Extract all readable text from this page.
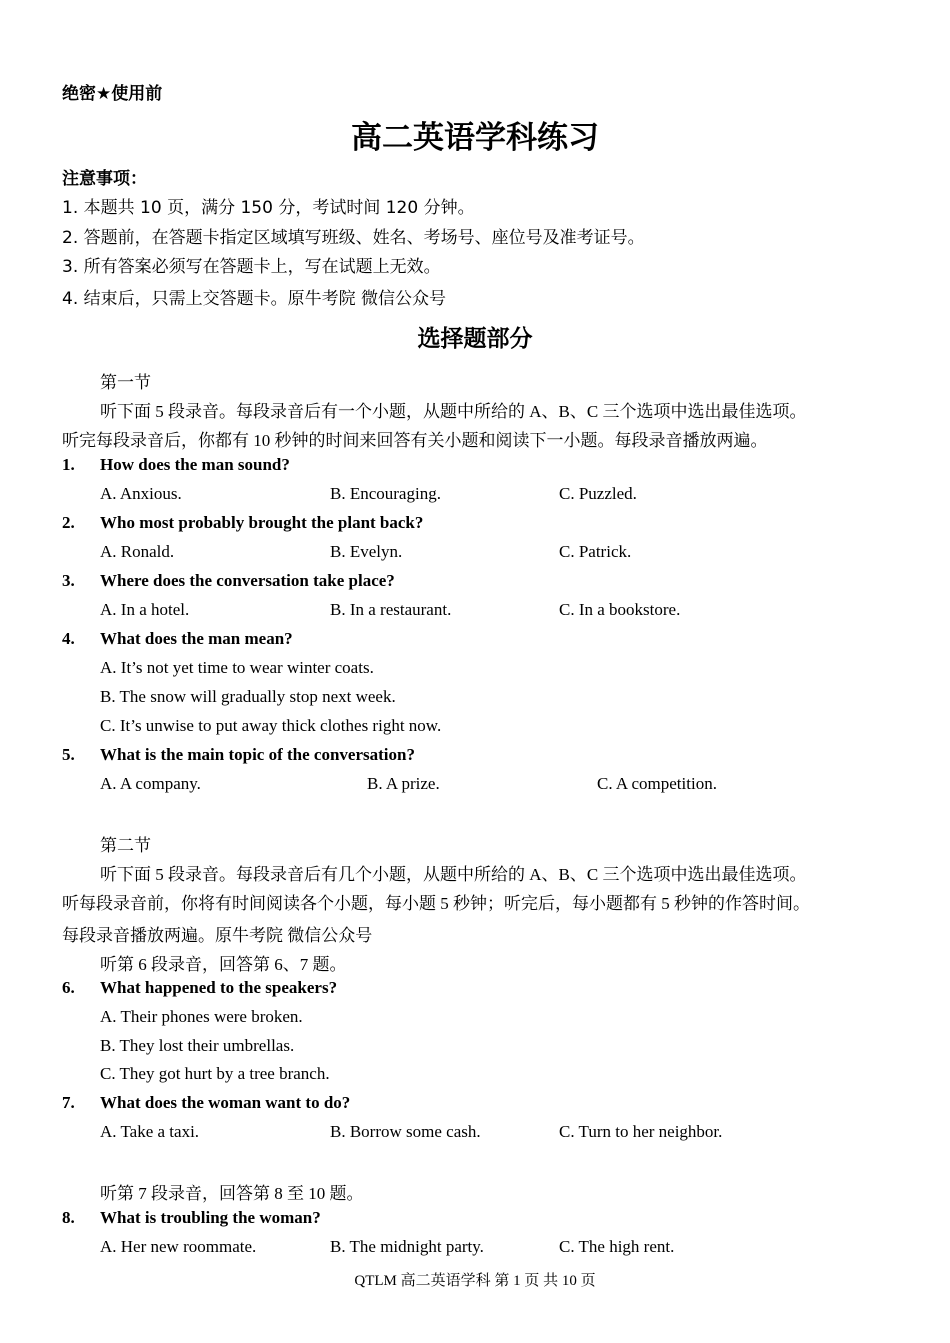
绝密★使用前
高二英语学科练习
注意事项：
1. 本题共 10 页，满分 150 分，考试时间 120 分钟。
2. 答题前，在答题卡指定区域填写班级、姓名、考场号、座位号及准考证号。
3. 所有答案必须写在答题卡上，写在试题上无效。
4. 结束后，只需上交答题卡。原牛考院 微信公众号
选择题部分
第一节
听下面 5 段录音。每段录音后有一个小题，从题中所给的 A、B、C 三个选项中选出最佳选项。
听完每段录音后，你都有 10 秒钟的时间来回答有关小题和阅读下一小题。每段录音播放两遍。
1. How does the man sound?
A. Anxious.	B. Encouraging.	C. Puzzled.
2. Who most probably brought the plant back?
A. Ronald.	B. Evelyn.	C. Patrick.
3. Where does the conversation take place?
A. In a hotel.	B. In a restaurant.	C. In a bookstore.
4. What does the man mean?
A. It’s not yet time to wear winter coats.
B. The snow will gradually stop next week.
C. It’s unwise to put away thick clothes right now.
5. What is the main topic of the conversation?
A. A company.	B. A prize.	C. A competition.
第二节
听下面 5 段录音。每段录音后有几个小题，从题中所给的 A、B、C 三个选项中选出最佳选项。
听每段录音前，你将有时间阅读各个小题，每小题 5 秒钟；听完后，每小题都有 5 秒钟的作答时间。
每段录音播放两遍。原牛考院 微信公众号
听第 6 段录音，回答第 6、7 题。
6. What happened to the speakers?
A. Their phones were broken.
B. They lost their umbrellas.
C. They got hurt by a tree branch.
7. What does the woman want to do?
A. Take a taxi.	B. Borrow some cash.	C. Turn to her neighbor.
听第 7 段录音，回答第 8 至 10 题。
8. What is troubling the woman?
A. Her new roommate.	B. The midnight party.	C. The high rent.
QTLM 高二英语学科 第 1 页 共 10 页
